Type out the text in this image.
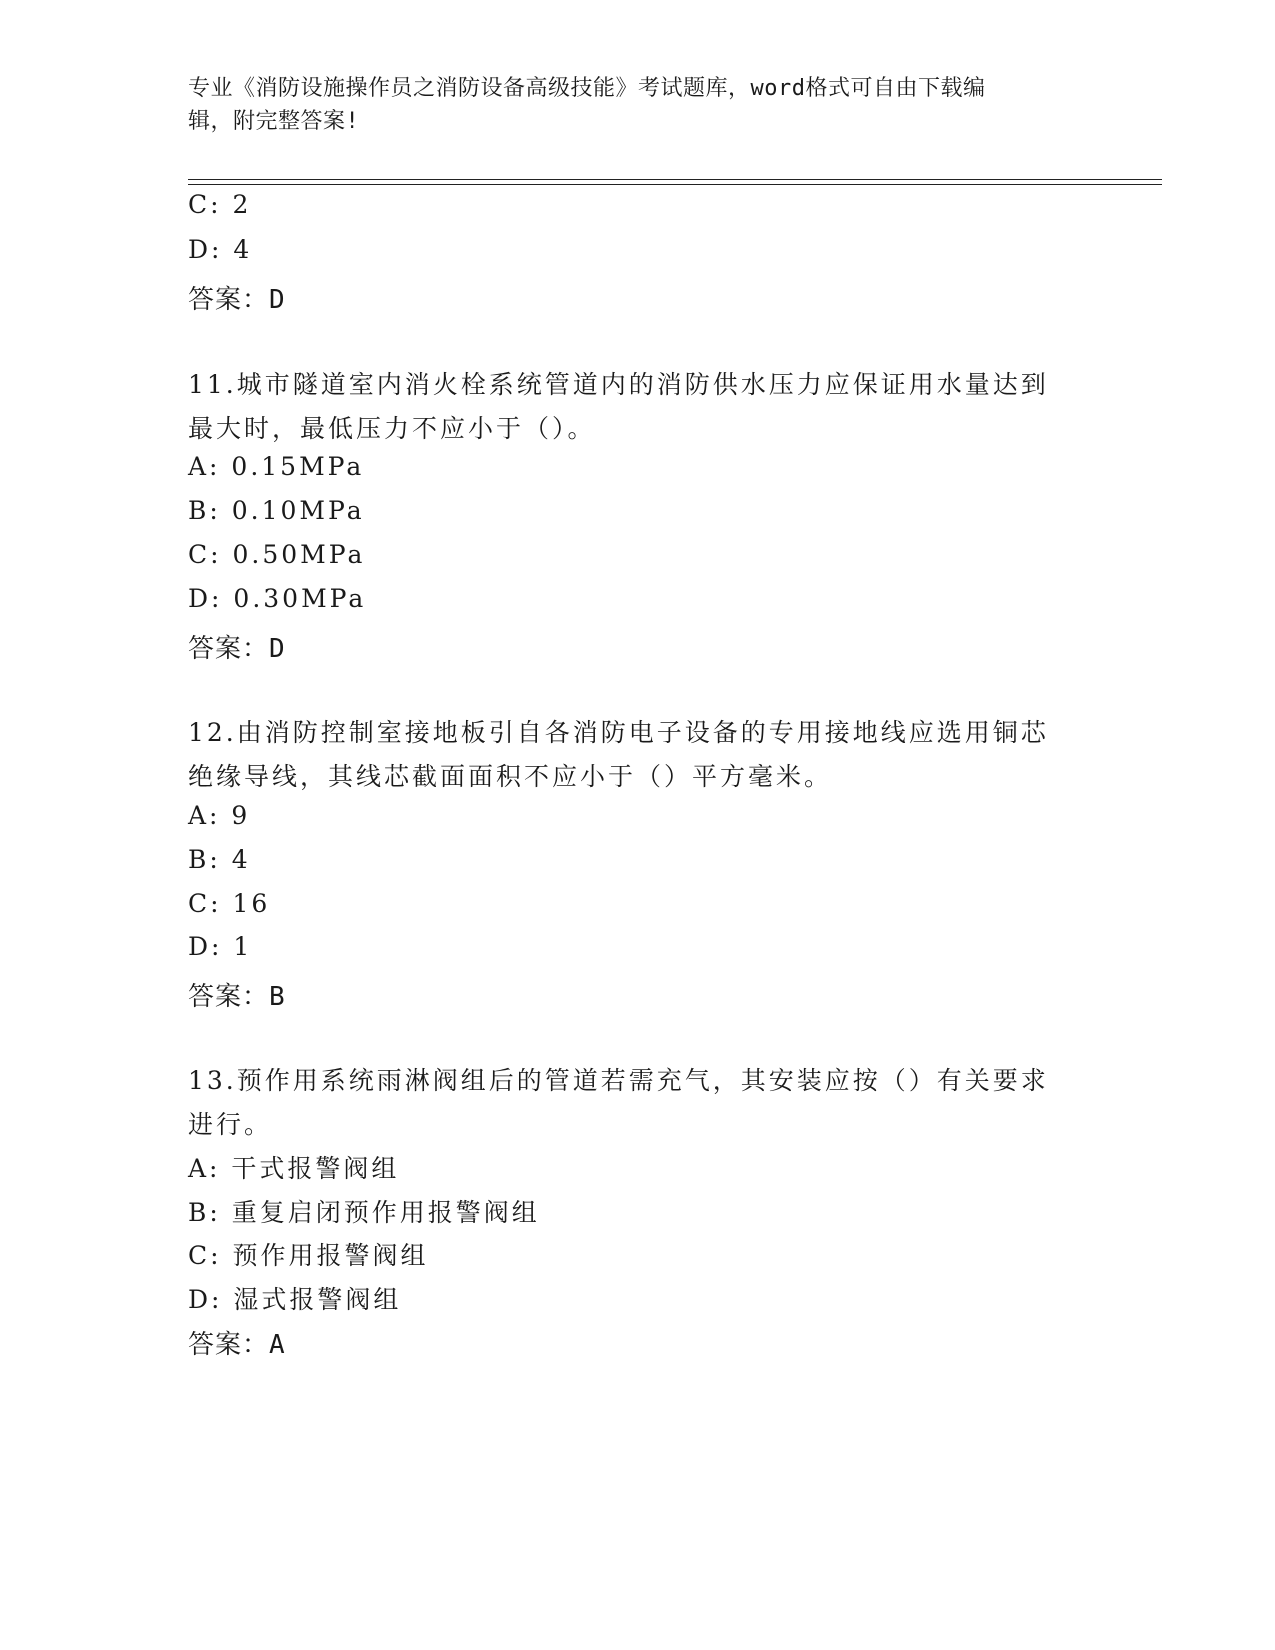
专业《消防设施操作员之消防设备高级技能》考试题库，word格式可自由下载编
辑，附完整答案!
C: 2
D: 4
答案：D
11.城市隧道室内消火栓系统管道内的消防供水压力应保证用水量达到
最大时，最低压力不应小于（）。
A: 0.15MPa
B: 0.10MPa
C: 0.50MPa
D: 0.30MPa
答案：D
12.由消防控制室接地板引自各消防电子设备的专用接地线应选用铜芯
绝缘导线，其线芯截面面积不应小于（）平方毫米。
A: 9
B: 4
C: 16
D: 1
答案：B
13.预作用系统雨淋阀组后的管道若需充气，其安装应按（）有关要求
进行。
A: 干式报警阀组
B: 重复启闭预作用报警阀组
C: 预作用报警阀组
D: 湿式报警阀组
答案：A
